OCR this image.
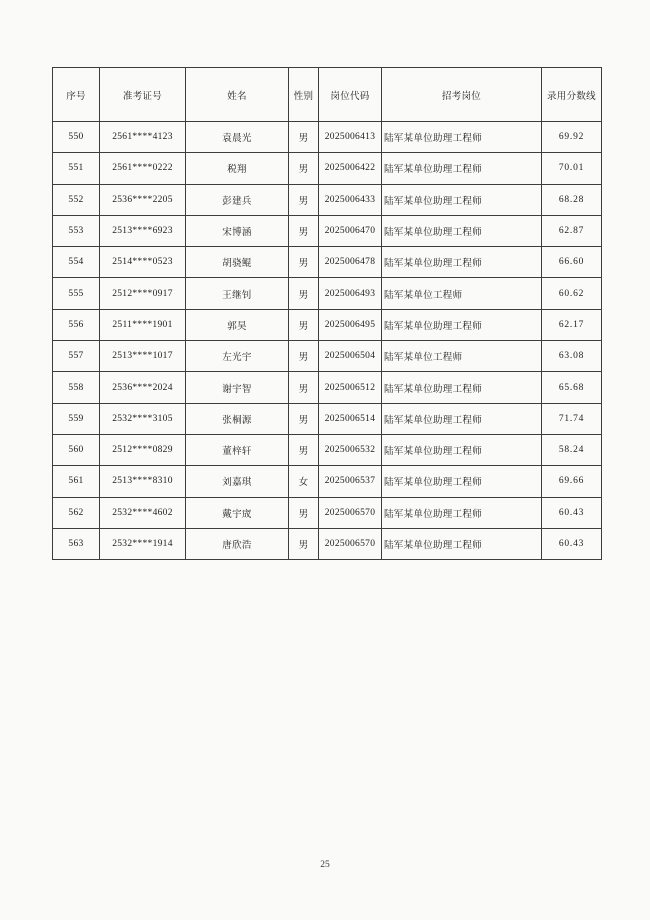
序号	准考证号	姓名	性别	岗位代码	招考岗位	录用分数线
550	2561****4123	袁晨光	男	2025006413	陆军某单位助理工程师	69.92
551	2561****0222	税翔	男	2025006422	陆军某单位助理工程师	70.01
552	2536****2205	彭建兵	男	2025006433	陆军某单位助理工程师	68.28
553	2513****6923	宋博涵	男	2025006470	陆军某单位助理工程师	62.87
554	2514****0523	胡骁鲲	男	2025006478	陆军某单位助理工程师	66.60
555	2512****0917	王继钊	男	2025006493	陆军某单位工程师	60.62
556	2511****1901	郭昊	男	2025006495	陆军某单位助理工程师	62.17
557	2513****1017	左光宇	男	2025006504	陆军某单位工程师	63.08
558	2536****2024	谢宇智	男	2025006512	陆军某单位助理工程师	65.68
559	2532****3105	张桐源	男	2025006514	陆军某单位助理工程师	71.74
560	2512****0829	董梓轩	男	2025006532	陆军某单位助理工程师	58.24
561	2513****8310	刘嘉琪	女	2025006537	陆军某单位助理工程师	69.66
562	2532****4602	戴宇宬	男	2025006570	陆军某单位助理工程师	60.43
563	2532****1914	唐欣浩	男	2025006570	陆军某单位助理工程师	60.43
25
